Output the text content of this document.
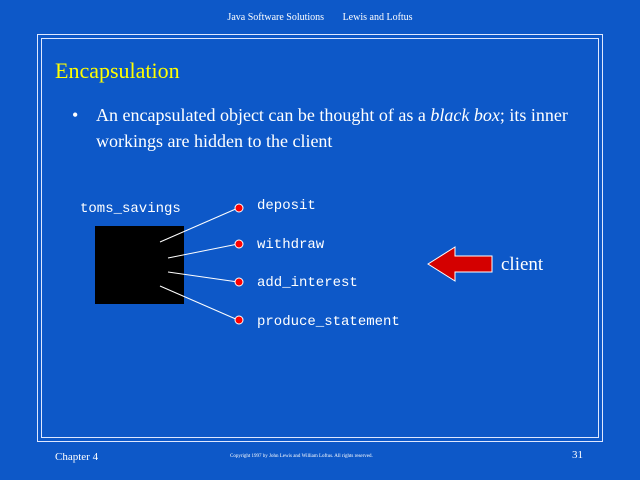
Java Software Solutions Lewis and Loftus
Encapsulation
• An encapsulated object can be thought of as a black box; its inner workings are hidden to the client
toms_savings	deposit
withdraw
add_interest
produce_statement
client
Chapter 4	Copyright 1997 by John Lewis and William Loftus. All rights reserved.	31
